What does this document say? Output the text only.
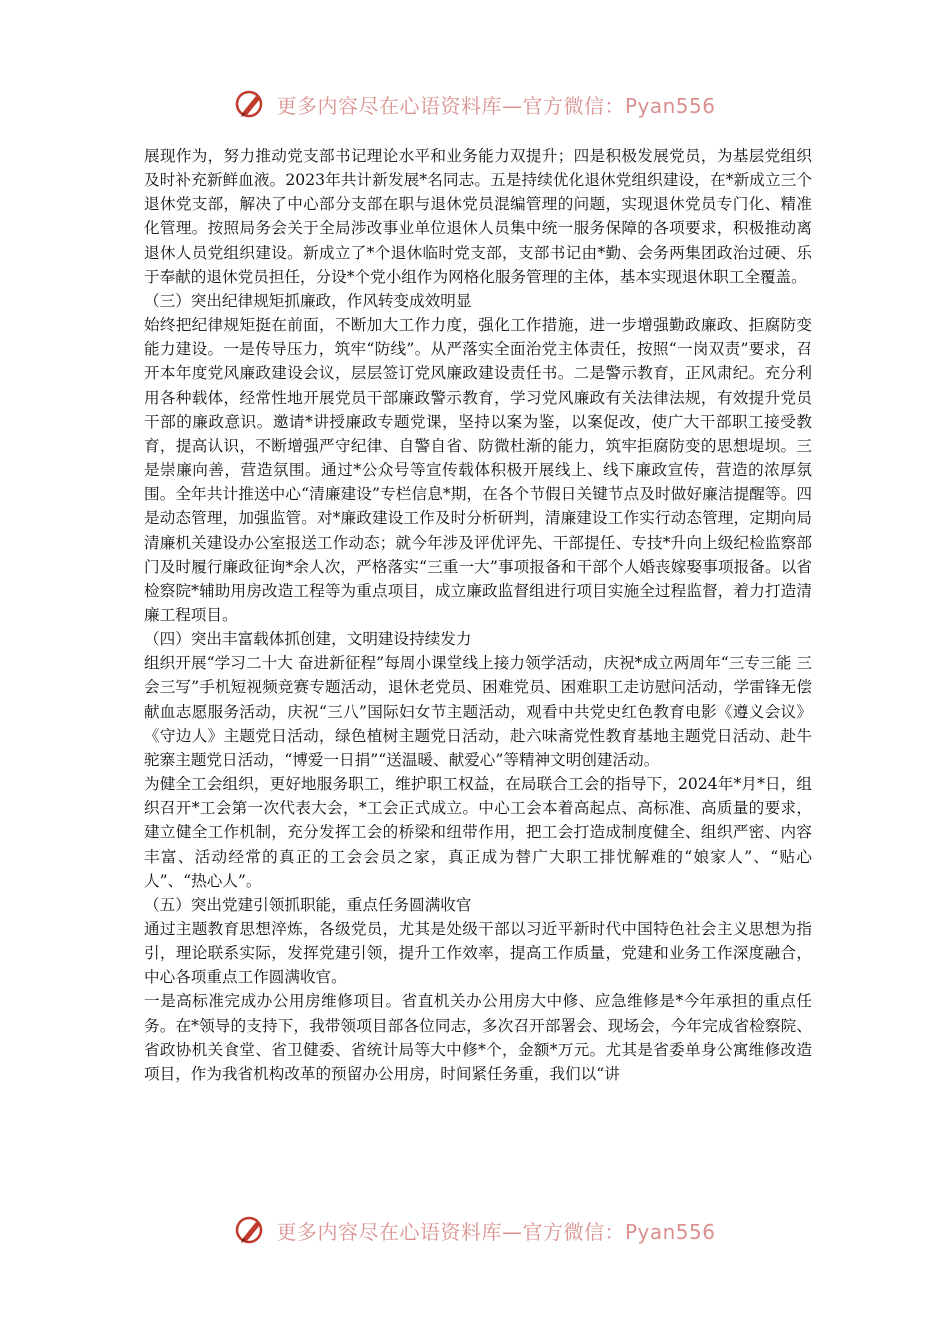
更多内容尽在心语资料库—官方微信：Pyan556

展现作为，努力推动党支部书记理论水平和业务能力双提升；四是积极发展党员，为基层党组织及时补充新鲜血液。2023年共计新发展*名同志。五是持续优化退休党组织建设，在*新成立三个退休党支部，解决了中心部分支部在职与退休党员混编管理的问题，实现退休党员专门化、精准化管理。按照局务会关于全局涉改事业单位退休人员集中统一服务保障的各项要求，积极推动离退休人员党组织建设。新成立了*个退休临时党支部，支部书记由*勤、会务两集团政治过硬、乐于奉献的退休党员担任，分设*个党小组作为网格化服务管理的主体，基本实现退休职工全覆盖。

（三）突出纪律规矩抓廉政，作风转变成效明显

始终把纪律规矩挺在前面，不断加大工作力度，强化工作措施，进一步增强勤政廉政、拒腐防变能力建设。一是传导压力，筑牢“防线”。从严落实全面治党主体责任，按照“一岗双责”要求，召开本年度党风廉政建设会议，层层签订党风廉政建设责任书。二是警示教育，正风肃纪。充分利用各种载体，经常性地开展党员干部廉政警示教育，学习党风廉政有关法律法规，有效提升党员干部的廉政意识。邀请*讲授廉政专题党课，坚持以案为鉴，以案促改，使广大干部职工接受教育，提高认识，不断增强严守纪律、自警自省、防微杜渐的能力，筑牢拒腐防变的思想堤坝。三是崇廉向善，营造氛围。通过*公众号等宣传载体积极开展线上、线下廉政宣传，营造的浓厚氛围。全年共计推送中心“清廉建设”专栏信息*期，在各个节假日关键节点及时做好廉洁提醒等。四是动态管理，加强监管。对*廉政建设工作及时分析研判，清廉建设工作实行动态管理，定期向局清廉机关建设办公室报送工作动态；就今年涉及评优评先、干部提任、专技*升向上级纪检监察部门及时履行廉政征询*余人次，严格落实“三重一大”事项报备和干部个人婚丧嫁娶事项报备。以省检察院*辅助用房改造工程等为重点项目，成立廉政监督组进行项目实施全过程监督，着力打造清廉工程项目。

（四）突出丰富载体抓创建，文明建设持续发力

组织开展“学习二十大 奋进新征程”每周小课堂线上接力领学活动，庆祝*成立两周年“三专三能 三会三写”手机短视频竞赛专题活动，退休老党员、困难党员、困难职工走访慰问活动，学雷锋无偿献血志愿服务活动，庆祝“三八”国际妇女节主题活动，观看中共党史红色教育电影《遵义会议》《守边人》主题党日活动，绿色植树主题党日活动，赴六味斋党性教育基地主题党日活动、赴牛驼寨主题党日活动，“博爱一日捐”“送温暖、献爱心”等精神文明创建活动。

为健全工会组织，更好地服务职工，维护职工权益，在局联合工会的指导下，2024年*月*日，组织召开*工会第一次代表大会，*工会正式成立。中心工会本着高起点、高标准、高质量的要求，建立健全工作机制，充分发挥工会的桥梁和纽带作用，把工会打造成制度健全、组织严密、内容丰富、活动经常的真正的工会会员之家，真正成为替广大职工排忧解难的“娘家人”、“贴心人”、“热心人”。

（五）突出党建引领抓职能，重点任务圆满收官

通过主题教育思想淬炼，各级党员，尤其是处级干部以习近平新时代中国特色社会主义思想为指引，理论联系实际，发挥党建引领，提升工作效率，提高工作质量，党建和业务工作深度融合，中心各项重点工作圆满收官。

一是高标准完成办公用房维修项目。省直机关办公用房大中修、应急维修是*今年承担的重点任务。在*领导的支持下，我带领项目部各位同志，多次召开部署会、现场会，今年完成省检察院、省政协机关食堂、省卫健委、省统计局等大中修*个，金额*万元。尤其是省委单身公寓维修改造项目，作为我省机构改革的预留办公用房，时间紧任务重，我们以“讲

更多内容尽在心语资料库—官方微信：Pyan556
